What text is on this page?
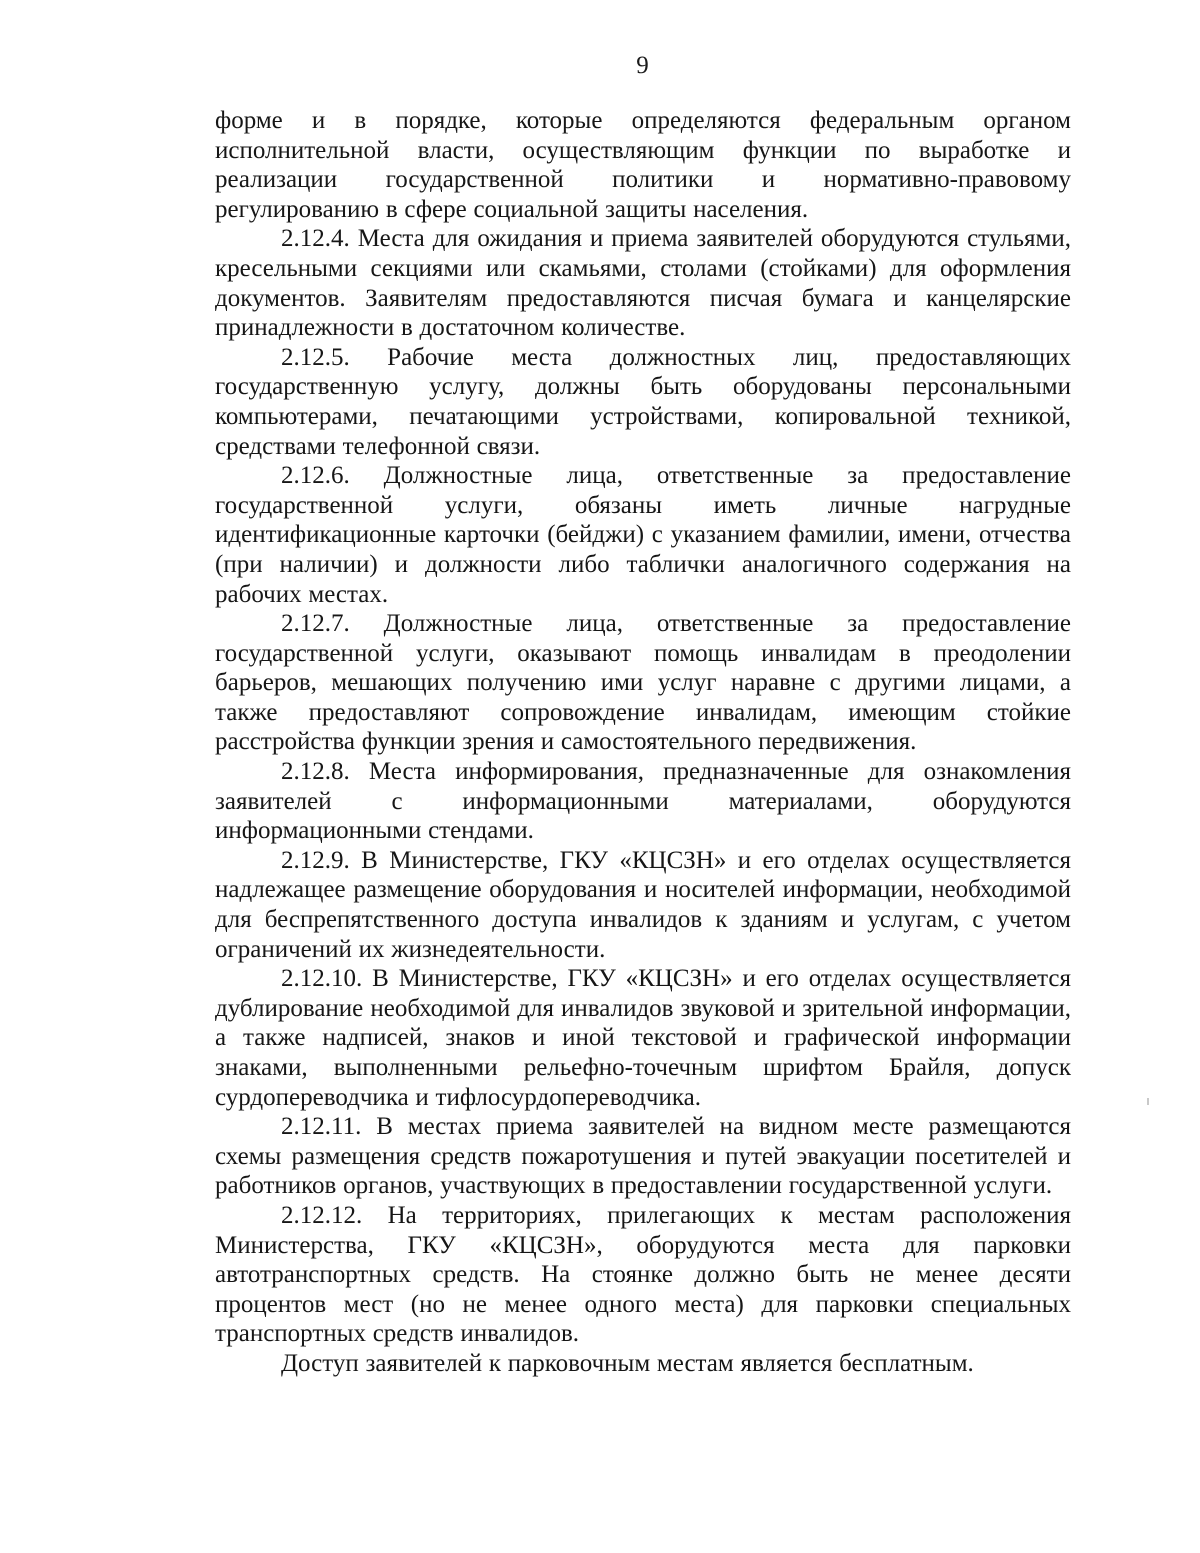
9

форме и в порядке, которые определяются федеральным органом исполнительной власти, осуществляющим функции по выработке и реализации государственной политики и нормативно-правовому регулированию в сфере социальной защиты населения.

2.12.4. Места для ожидания и приема заявителей оборудуются стульями, кресельными секциями или скамьями, столами (стойками) для оформления документов. Заявителям предоставляются писчая бумага и канцелярские принадлежности в достаточном количестве.

2.12.5. Рабочие места должностных лиц, предоставляющих государственную услугу, должны быть оборудованы персональными компьютерами, печатающими устройствами, копировальной техникой, средствами телефонной связи.

2.12.6. Должностные лица, ответственные за предоставление государственной услуги, обязаны иметь личные нагрудные идентификационные карточки (бейджи) с указанием фамилии, имени, отчества (при наличии) и должности либо таблички аналогичного содержания на рабочих местах.

2.12.7. Должностные лица, ответственные за предоставление государственной услуги, оказывают помощь инвалидам в преодолении барьеров, мешающих получению ими услуг наравне с другими лицами, а также предоставляют сопровождение инвалидам, имеющим стойкие расстройства функции зрения и самостоятельного передвижения.

2.12.8. Места информирования, предназначенные для ознакомления заявителей с информационными материалами, оборудуются информационными стендами.

2.12.9. В Министерстве, ГКУ «КЦСЗН» и его отделах осуществляется надлежащее размещение оборудования и носителей информации, необходимой для беспрепятственного доступа инвалидов к зданиям и услугам, с учетом ограничений их жизнедеятельности.

2.12.10. В Министерстве, ГКУ «КЦСЗН» и его отделах осуществляется дублирование необходимой для инвалидов звуковой и зрительной информации, а также надписей, знаков и иной текстовой и графической информации знаками, выполненными рельефно-точечным шрифтом Брайля, допуск сурдопереводчика и тифлосурдопереводчика.

2.12.11. В местах приема заявителей на видном месте размещаются схемы размещения средств пожаротушения и путей эвакуации посетителей и работников органов, участвующих в предоставлении государственной услуги.

2.12.12. На территориях, прилегающих к местам расположения Министерства, ГКУ «КЦСЗН», оборудуются места для парковки автотранспортных средств. На стоянке должно быть не менее десяти процентов мест (но не менее одного места) для парковки специальных транспортных средств инвалидов.

Доступ заявителей к парковочным местам является бесплатным.
